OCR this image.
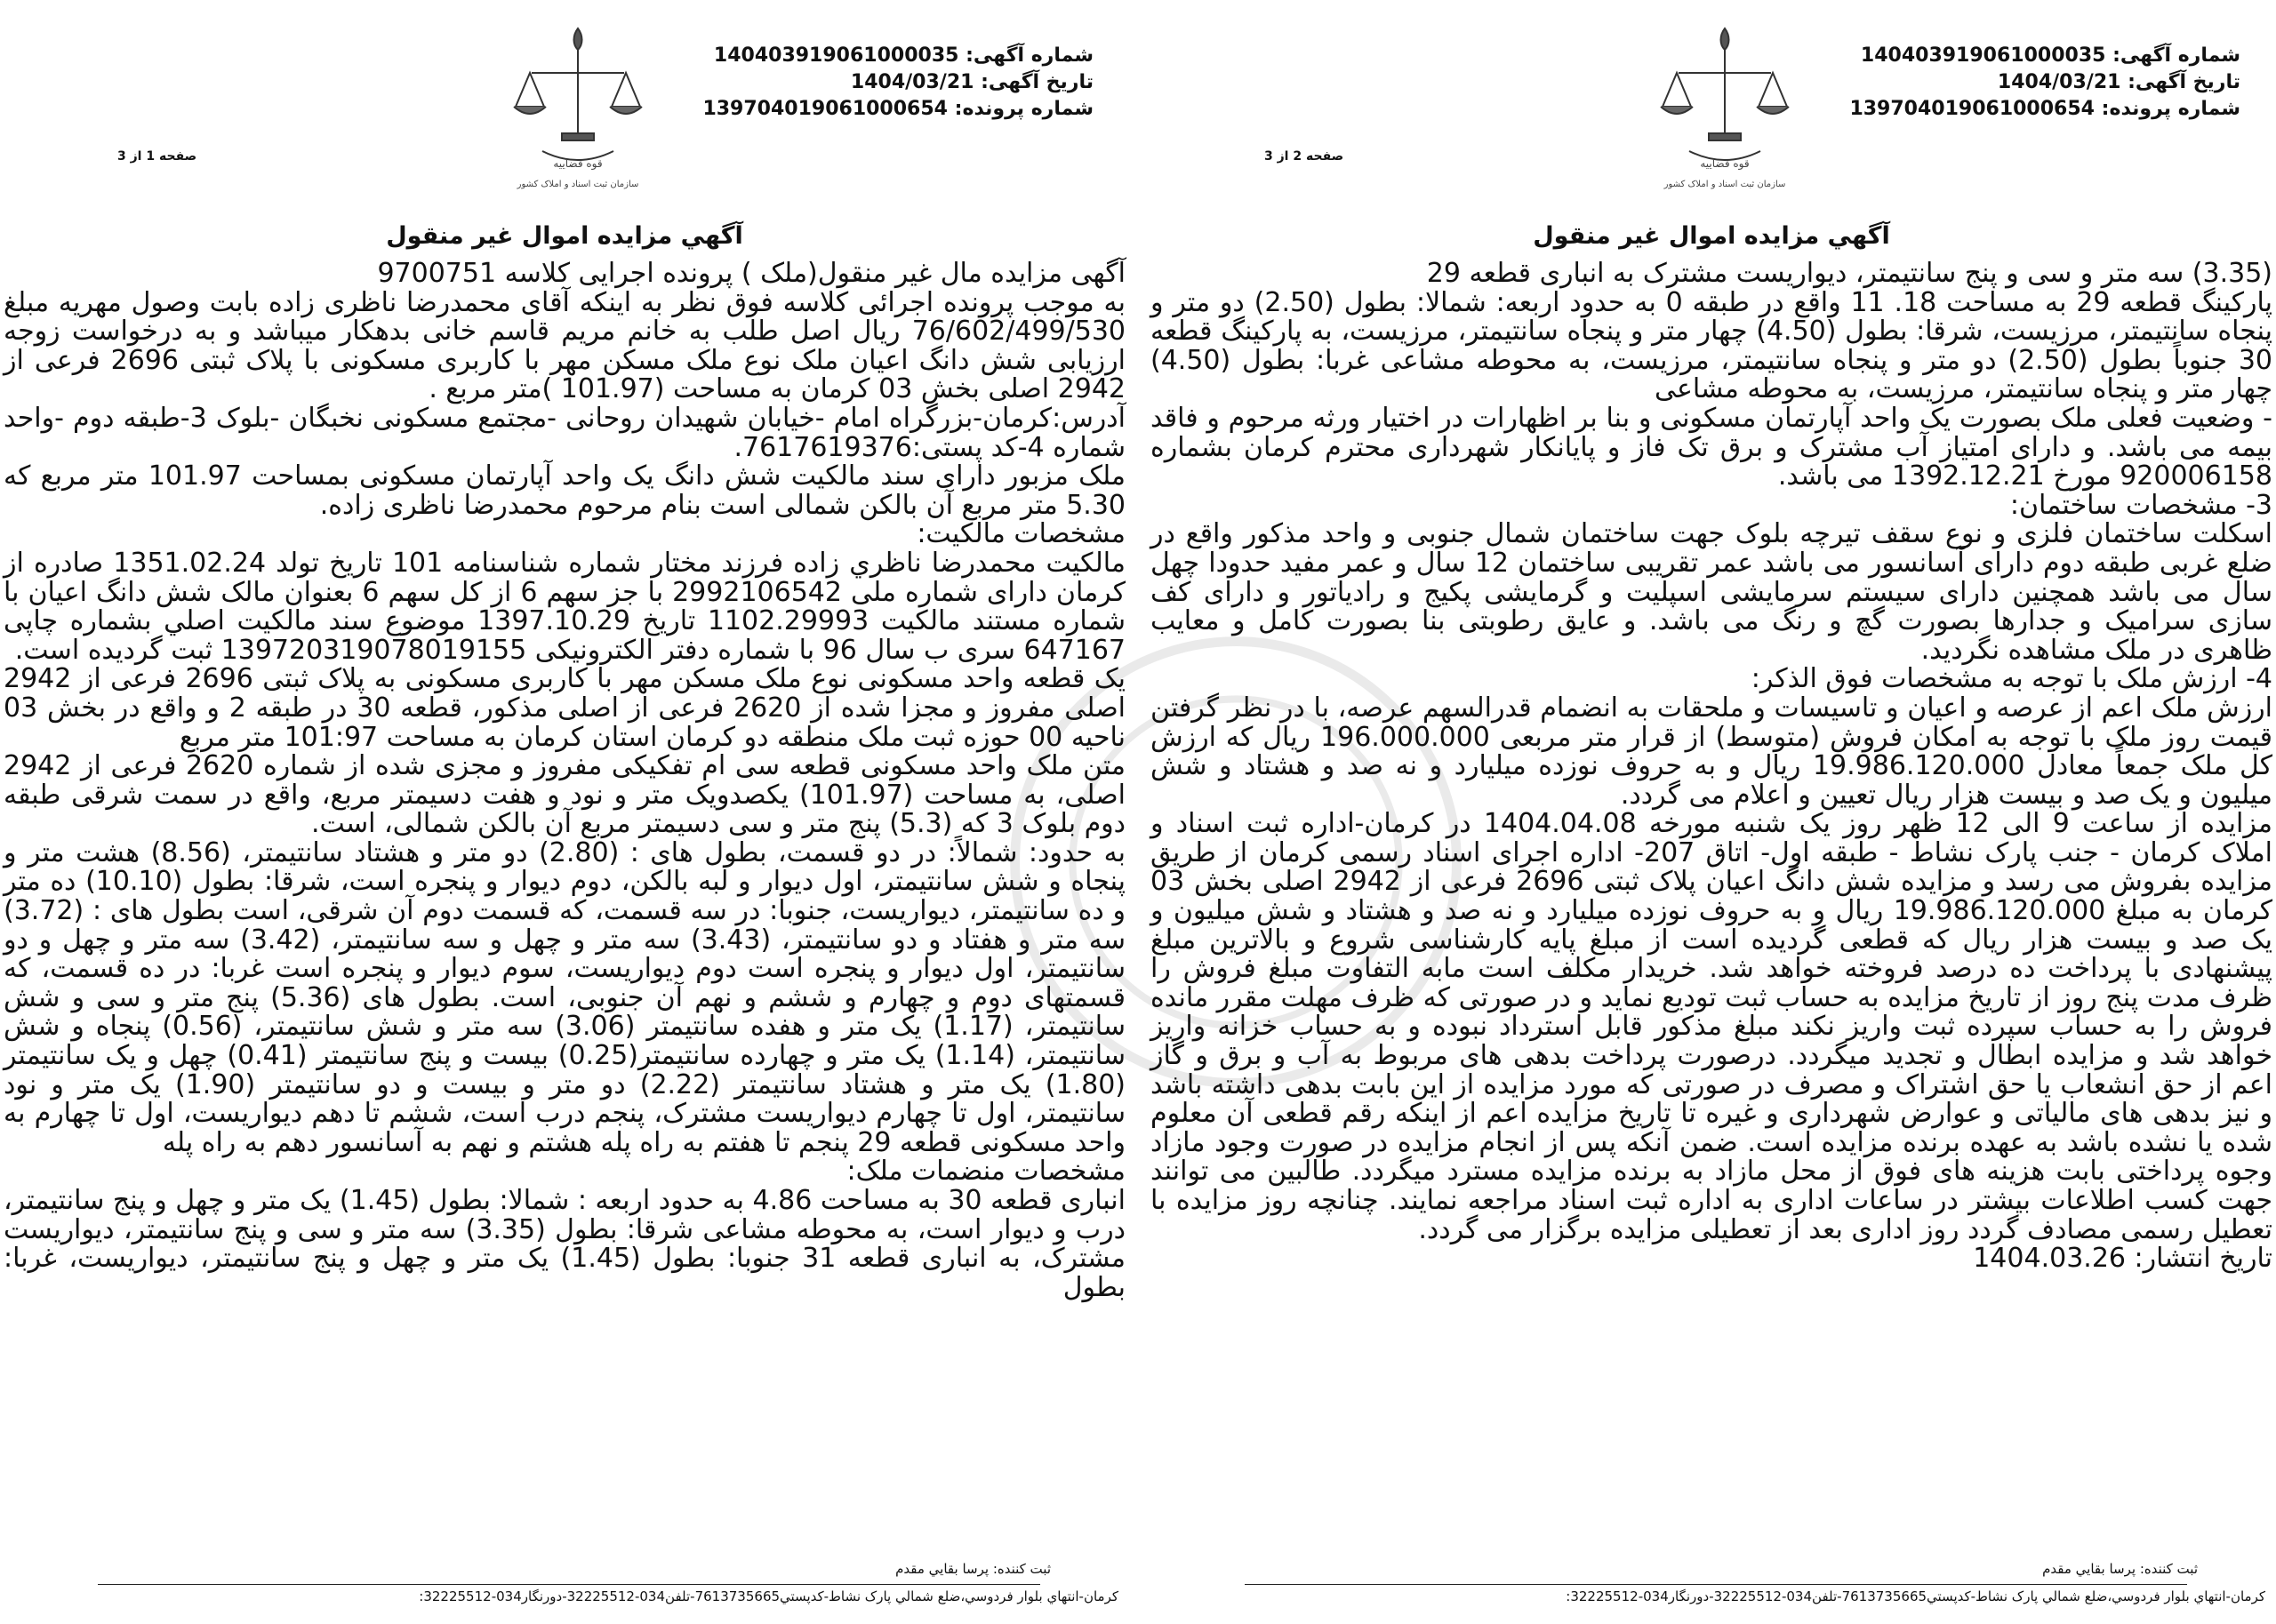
شماره آگهی: 140403919061000035
تاریخ آگهی: 1404/03/21
شماره پرونده: 139704019061000654
قوه قضاییه
سازمان ثبت اسناد و املاک کشور
صفحه 1 از 3
آگهي مزايده اموال غير منقول

آگهی مزایده مال غیر منقول(ملک ) پرونده اجرایی کلاسه 9700751

به موجب پرونده اجرائی کلاسه فوق نظر به اینکه آقای محمدرضا ناظری زاده بابت وصول مهریه مبلغ 76/602/499/530 ریال اصل طلب به خانم مریم قاسم خانی بدهکار میباشد و به درخواست زوجه ارزیابی شش دانگ اعیان ملک نوع ملک مسکن مهر با کاربری مسکونی با پلاک ثبتی 2696 فرعی از 2942 اصلی بخش 03 کرمان به مساحت (101.97 )متر مربع .

آدرس:کرمان-بزرگراه امام -خیابان شهیدان روحانی -مجتمع مسکونی نخبگان -بلوک 3-طبقه دوم -واحد شماره 4-کد پستی:7617619376.

ملک مزبور دارای سند مالکیت شش دانگ یک واحد آپارتمان مسکونی بمساحت 101.97 متر مربع که 5.30 متر مربع آن بالکن شمالی است بنام مرحوم محمدرضا ناظری زاده.

مشخصات مالکیت:

مالکیت محمدرضا ناظري زاده فرزند مختار شماره شناسنامه 101 تاریخ تولد 1351.02.24 صادره از کرمان دارای شماره ملی 2992106542 با جز سهم 6 از کل سهم 6 بعنوان مالک شش دانگ اعیان با شماره مستند مالکیت 1102.29993 تاریخ 1397.10.29 موضوع سند مالکیت اصلي بشماره چاپی 647167 سری ب سال 96 با شماره دفتر الکترونیکی 139720319078019155 ثبت گردیده است.

یک قطعه واحد مسکونی نوع ملک مسکن مهر با کاربری مسکونی به پلاک ثبتی 2696 فرعی از 2942 اصلی مفروز و مجزا شده از 2620 فرعی از اصلی مذکور، قطعه 30 در طبقه 2 و واقع در بخش 03 ناحیه 00 حوزه ثبت ملک منطقه دو کرمان استان کرمان به مساحت 101:97 متر مربع

متن ملک واحد مسکونی قطعه سی ام تفکیکی مفروز و مجزی شده از شماره 2620 فرعی از 2942 اصلی، به مساحت (101.97) یکصدویک متر و نود و هفت دسیمتر مربع، واقع در سمت شرقی طبقه دوم بلوک 3 که (5.3) پنج متر و سی دسیمتر مربع آن بالکن شمالی، است.

به حدود: شمالاً: در دو قسمت، بطول های : (2.80) دو متر و هشتاد سانتیمتر، (8.56) هشت متر و پنجاه و شش سانتیمتر، اول دیوار و لبه بالکن، دوم دیوار و پنجره است، شرقا: بطول (10.10) ده متر و ده سانتیمتر، دیواریست، جنوبا: در سه قسمت، که قسمت دوم آن شرقی، است بطول های : (3.72) سه متر و هفتاد و دو سانتیمتر، (3.43) سه متر و چهل و سه سانتیمتر، (3.42) سه متر و چهل و دو سانتیمتر، اول دیوار و پنجره است دوم دیواریست، سوم دیوار و پنجره است غربا: در ده قسمت، که قسمتهای دوم و چهارم و ششم و نهم آن جنوبی، است. بطول های (5.36) پنج متر و سی و شش سانتیمتر، (1.17) یک متر و هفده سانتیمتر (3.06) سه متر و شش سانتیمتر، (0.56) پنجاه و شش سانتیمتر، (1.14) یک متر و چهارده سانتیمتر(0.25) بیست و پنج سانتیمتر (0.41) چهل و یک سانتیمتر (1.80) یک متر و هشتاد سانتیمتر (2.22) دو متر و بیست و دو سانتیمتر (1.90) یک متر و نود سانتیمتر، اول تا چهارم دیواریست مشترک، پنجم درب است، ششم تا دهم دیواریست، اول تا چهارم به واحد مسکونی قطعه 29 پنجم تا هفتم به راه پله هشتم و نهم به آسانسور دهم به راه پله

مشخصات منضمات ملک:

انباری قطعه 30 به مساحت 4.86 به حدود اربعه : شمالا: بطول (1.45) یک متر و چهل و پنج سانتیمتر، درب و دیوار است، به محوطه مشاعی شرقا: بطول (3.35) سه متر و سی و پنج سانتیمتر، دیواریست مشترک، به انباری قطعه 31 جنوبا: بطول (1.45) یک متر و چهل و پنج سانتیمتر، دیواریست، غربا: بطول

ثبت کننده: پرسا بقايي مقدم
کرمان-انتهاي بلوار فردوسي،ضلع شمالي پارک نشاط-کدپستي7613735665-تلفن034-32225512-دورنگار034-32225512:
شماره آگهی: 140403919061000035
تاریخ آگهی: 1404/03/21
شماره پرونده: 139704019061000654
قوه قضاییه
سازمان ثبت اسناد و املاک کشور
صفحه 2 از 3
آگهي مزايده اموال غير منقول

(3.35) سه متر و سی و پنج سانتیمتر، دیواریست مشترک به انباری قطعه 29

پارکینگ قطعه 29 به مساحت 18. 11 واقع در طبقه 0 به حدود اربعه: شمالا: بطول (2.50) دو متر و پنجاه سانتیمتر، مرزیست، شرقا: بطول (4.50) چهار متر و پنجاه سانتیمتر، مرزیست، به پارکینگ قطعه 30 جنوباً بطول (2.50) دو متر و پنجاه سانتیمتر، مرزیست، به محوطه مشاعی غربا: بطول (4.50) چهار متر و پنجاه سانتیمتر، مرزیست، به محوطه مشاعی

- وضعیت فعلی ملک بصورت یک واحد آپارتمان مسکونی و بنا بر اظهارات در اختیار ورثه مرحوم و فاقد بیمه می باشد. و دارای امتیاز آب مشترک و برق تک فاز و پایانکار شهرداری محترم کرمان بشماره 920006158 مورخ 1392.12.21 می باشد.

3- مشخصات ساختمان:

اسکلت ساختمان فلزی و نوع سقف تیرچه بلوک جهت ساختمان شمال جنوبی و واحد مذکور واقع در ضلع غربی طبقه دوم دارای آسانسور می باشد عمر تقریبی ساختمان 12 سال و عمر مفید حدودا چهل سال می باشد همچنین دارای سیستم سرمایشی اسپلیت و گرمایشی پکیج و رادیاتور و دارای کف سازی سرامیک و جدارها بصورت گچ و رنگ می باشد. و عایق رطوبتی بنا بصورت کامل و معایب ظاهری در ملک مشاهده نگردید.

4- ارزش ملک با توجه به مشخصات فوق الذکر:

ارزش ملک اعم از عرصه و اعیان و تاسیسات و ملحقات به انضمام قدرالسهم عرصه، با در نظر گرفتن قیمت روز ملک با توجه به امکان فروش (متوسط) از قرار متر مربعی 196.000.000 ریال که ارزش کل ملک جمعاً معادل 19.986.120.000 ریال و به حروف نوزده میلیارد و نه صد و هشتاد و شش میلیون و یک صد و بیست هزار ریال تعیین و اعلام می گردد.

مزایده از ساعت 9 الی 12 ظهر روز یک شنبه مورخه 1404.04.08 در کرمان-اداره ثبت اسناد و املاک کرمان - جنب پارک نشاط - طبقه اول- اتاق 207- اداره اجرای اسناد رسمی کرمان از طریق مزایده بفروش می رسد و مزایده شش دانگ اعیان پلاک ثبتی 2696 فرعی از 2942 اصلی بخش 03 کرمان به مبلغ 19.986.120.000 ریال و به حروف نوزده میلیارد و نه صد و هشتاد و شش میلیون و یک صد و بیست هزار ریال که قطعی گردیده است از مبلغ پایه کارشناسی شروع و بالاترین مبلغ پیشنهادی با پرداخت ده درصد فروخته خواهد شد. خریدار مکلف است مابه التفاوت مبلغ فروش را ظرف مدت پنج روز از تاریخ مزایده به حساب ثبت تودیع نماید و در صورتی که ظرف مهلت مقرر مانده فروش را به حساب سپرده ثبت واریز نکند مبلغ مذکور قابل استرداد نبوده و به حساب خزانه واریز خواهد شد و مزایده ابطال و تجدید میگردد. درصورت پرداخت بدهی های مربوط به آب و برق و گاز اعم از حق انشعاب یا حق اشتراک و مصرف در صورتی که مورد مزایده از این بابت بدهی داشته باشد و نیز بدهی های مالیاتی و عوارض شهرداری و غیره تا تاریخ مزایده اعم از اینکه رقم قطعی آن معلوم شده یا نشده باشد به عهده برنده مزایده است. ضمن آنکه پس از انجام مزایده در صورت وجود مازاد وجوه پرداختی بابت هزینه های فوق از محل مازاد به برنده مزایده مسترد میگردد. طالبین می توانند جهت کسب اطلاعات بیشتر در ساعات اداری به اداره ثبت اسناد مراجعه نمایند. چنانچه روز مزایده با تعطیل رسمی مصادف گردد روز اداری بعد از تعطیلی مزایده برگزار می گردد.

تاریخ انتشار: 1404.03.26

ثبت کننده: پرسا بقايي مقدم
کرمان-انتهاي بلوار فردوسي،ضلع شمالي پارک نشاط-کدپستي7613735665-تلفن034-32225512-دورنگار034-32225512:
